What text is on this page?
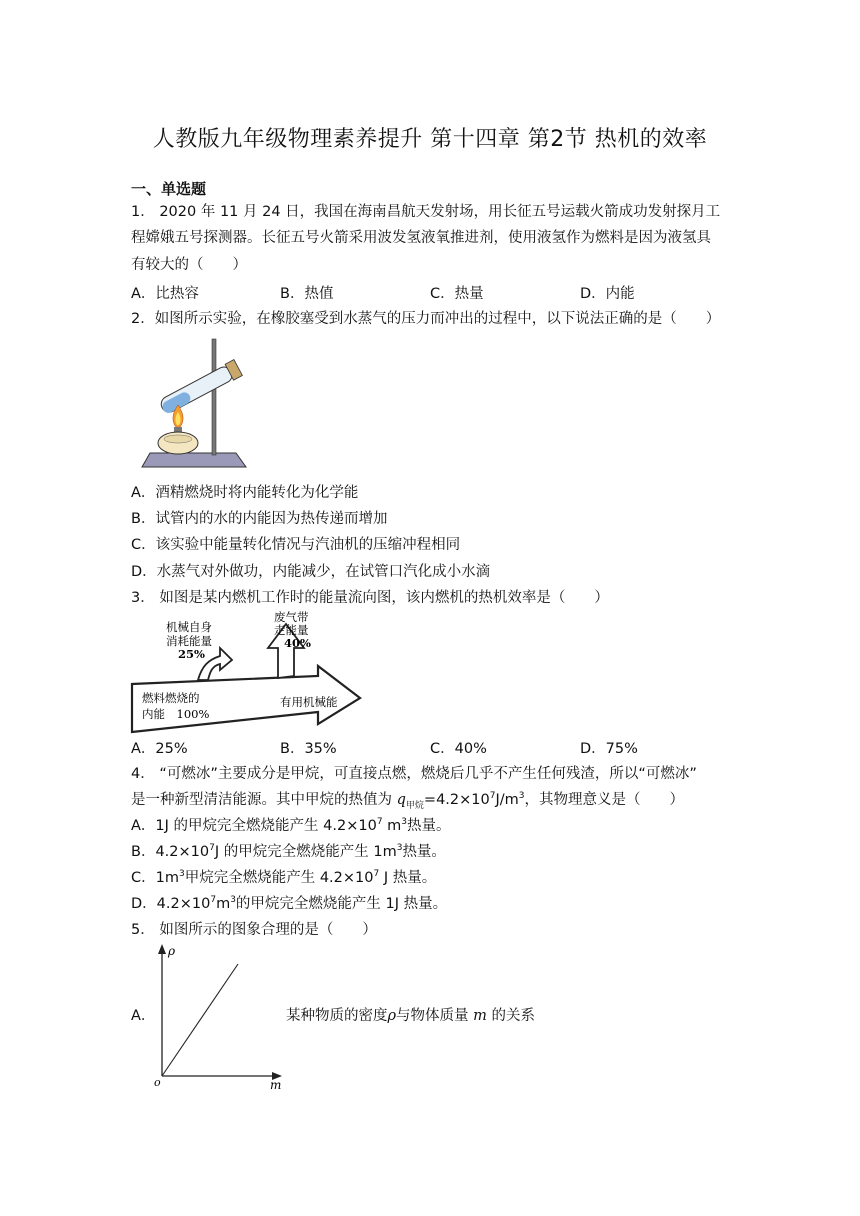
人教版九年级物理素养提升 第十四章 第2节 热机的效率
一、单选题
1． 2020 年 11 月 24 日，我国在海南昌航天发射场，用长征五号运载火箭成功发射探月工
程嫦娥五号探测器。长征五号火箭采用波发氢液氧推进剂，使用液氢作为燃料是因为液氢具
有较大的（　　）
A．比热容	B．热值	C．热量	D．内能
2．如图所示实验，在橡胶塞受到水蒸气的压力而冲出的过程中，以下说法正确的是（　　）
A．酒精燃烧时将内能转化为化学能
B．试管内的水的内能因为热传递而增加
C．该实验中能量转化情况与汽油机的压缩冲程相同
D．水蒸气对外做功，内能减少，在试管口汽化成小水滴
3． 如图是某内燃机工作时的能量流向图，该内燃机的热机效率是（　　）
机械自身
消耗能量
25%
废气带
走能量
40%
燃料燃烧的
内能　100%
有用机械能
A．25%	B．35%	C．40%	D．75%
4． “可燃冰”主要成分是甲烷，可直接点燃，燃烧后几乎不产生任何残渣，所以“可燃冰”
是一种新型清洁能源。其中甲烷的热值为 $q_{甲烷}=4.2\times 10^7J/m^3$，其物理意义是（　　）
A．1J 的甲烷完全燃烧能产生 $4.2\times 10^7$ $m^3$热量。
B．$4.2\times 10^7J$ 的甲烷完全燃烧能产生 $1m^3$热量。
C．$1m^3$甲烷完全燃烧能产生 $4.2\times 10^7$ J 热量。
D．$4.2\times 10^7m^3$的甲烷完全燃烧能产生 1J 热量。
5． 如图所示的图象合理的是（　　）
A．
ρ
m
o
某种物质的密度ρ与物体质量 m 的关系
